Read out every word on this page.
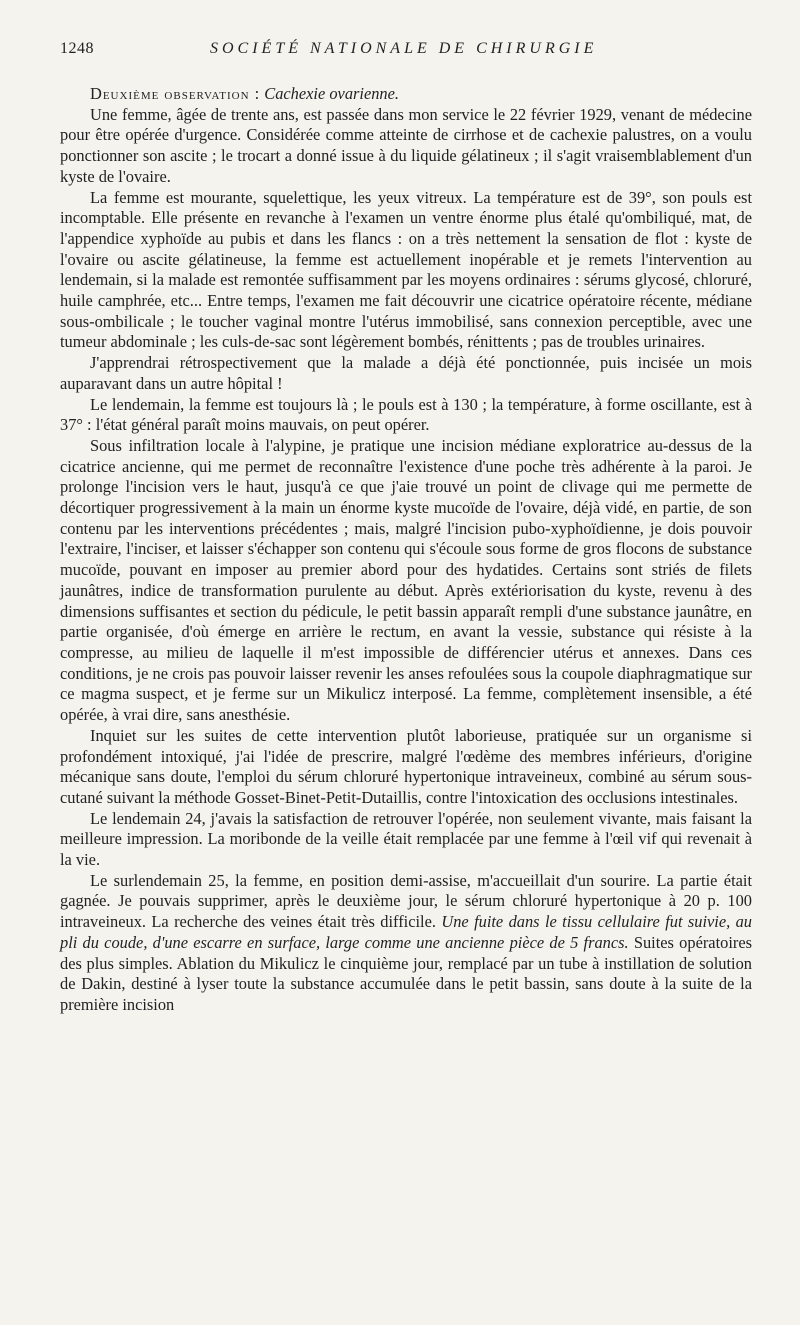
1248	SOCIÉTÉ NATIONALE DE CHIRURGIE

Deuxième observation : Cachexie ovarienne.

Une femme, âgée de trente ans, est passée dans mon service le 22 février 1929, venant de médecine pour être opérée d'urgence. Considérée comme atteinte de cirrhose et de cachexie palustres, on a voulu ponctionner son ascite ; le trocart a donné issue à du liquide gélatineux ; il s'agit vraisemblablement d'un kyste de l'ovaire.

La femme est mourante, squelettique, les yeux vitreux. La température est de 39°, son pouls est incomptable. Elle présente en revanche à l'examen un ventre énorme plus étalé qu'ombiliqué, mat, de l'appendice xyphoïde au pubis et dans les flancs : on a très nettement la sensation de flot : kyste de l'ovaire ou ascite gélatineuse, la femme est actuellement inopérable et je remets l'intervention au lendemain, si la malade est remontée suffisamment par les moyens ordinaires : sérums glycosé, chloruré, huile camphrée, etc... Entre temps, l'examen me fait découvrir une cicatrice opératoire récente, médiane sous-ombilicale ; le toucher vaginal montre l'utérus immobilisé, sans connexion perceptible, avec une tumeur abdominale ; les culs-de-sac sont légèrement bombés, rénittents ; pas de troubles urinaires.

J'apprendrai rétrospectivement que la malade a déjà été ponctionnée, puis incisée un mois auparavant dans un autre hôpital !

Le lendemain, la femme est toujours là ; le pouls est à 130 ; la température, à forme oscillante, est à 37° : l'état général paraît moins mauvais, on peut opérer.

Sous infiltration locale à l'alypine, je pratique une incision médiane exploratrice au-dessus de la cicatrice ancienne, qui me permet de reconnaître l'existence d'une poche très adhérente à la paroi. Je prolonge l'incision vers le haut, jusqu'à ce que j'aie trouvé un point de clivage qui me permette de décortiquer progressivement à la main un énorme kyste mucoïde de l'ovaire, déjà vidé, en partie, de son contenu par les interventions précédentes ; mais, malgré l'incision pubo-xyphoïdienne, je dois pouvoir l'extraire, l'inciser, et laisser s'échapper son contenu qui s'écoule sous forme de gros flocons de substance mucoïde, pouvant en imposer au premier abord pour des hydatides. Certains sont striés de filets jaunâtres, indice de transformation purulente au début. Après extériorisation du kyste, revenu à des dimensions suffisantes et section du pédicule, le petit bassin apparaît rempli d'une substance jaunâtre, en partie organisée, d'où émerge en arrière le rectum, en avant la vessie, substance qui résiste à la compresse, au milieu de laquelle il m'est impossible de différencier utérus et annexes. Dans ces conditions, je ne crois pas pouvoir laisser revenir les anses refoulées sous la coupole diaphragmatique sur ce magma suspect, et je ferme sur un Mikulicz interposé. La femme, complètement insensible, a été opérée, à vrai dire, sans anesthésie.

Inquiet sur les suites de cette intervention plutôt laborieuse, pratiquée sur un organisme si profondément intoxiqué, j'ai l'idée de prescrire, malgré l'œdème des membres inférieurs, d'origine mécanique sans doute, l'emploi du sérum chloruré hypertonique intraveineux, combiné au sérum sous-cutané suivant la méthode Gosset-Binet-Petit-Dutaillis, contre l'intoxication des occlusions intestinales.

Le lendemain 24, j'avais la satisfaction de retrouver l'opérée, non seulement vivante, mais faisant la meilleure impression. La moribonde de la veille était remplacée par une femme à l'œil vif qui revenait à la vie.

Le surlendemain 25, la femme, en position demi-assise, m'accueillait d'un sourire. La partie était gagnée. Je pouvais supprimer, après le deuxième jour, le sérum chloruré hypertonique à 20 p. 100 intraveineux. La recherche des veines était très difficile. Une fuite dans le tissu cellulaire fut suivie, au pli du coude, d'une escarre en surface, large comme une ancienne pièce de 5 francs. Suites opératoires des plus simples. Ablation du Mikulicz le cinquième jour, remplacé par un tube à instillation de solution de Dakin, destiné à lyser toute la substance accumulée dans le petit bassin, sans doute à la suite de la première incision
